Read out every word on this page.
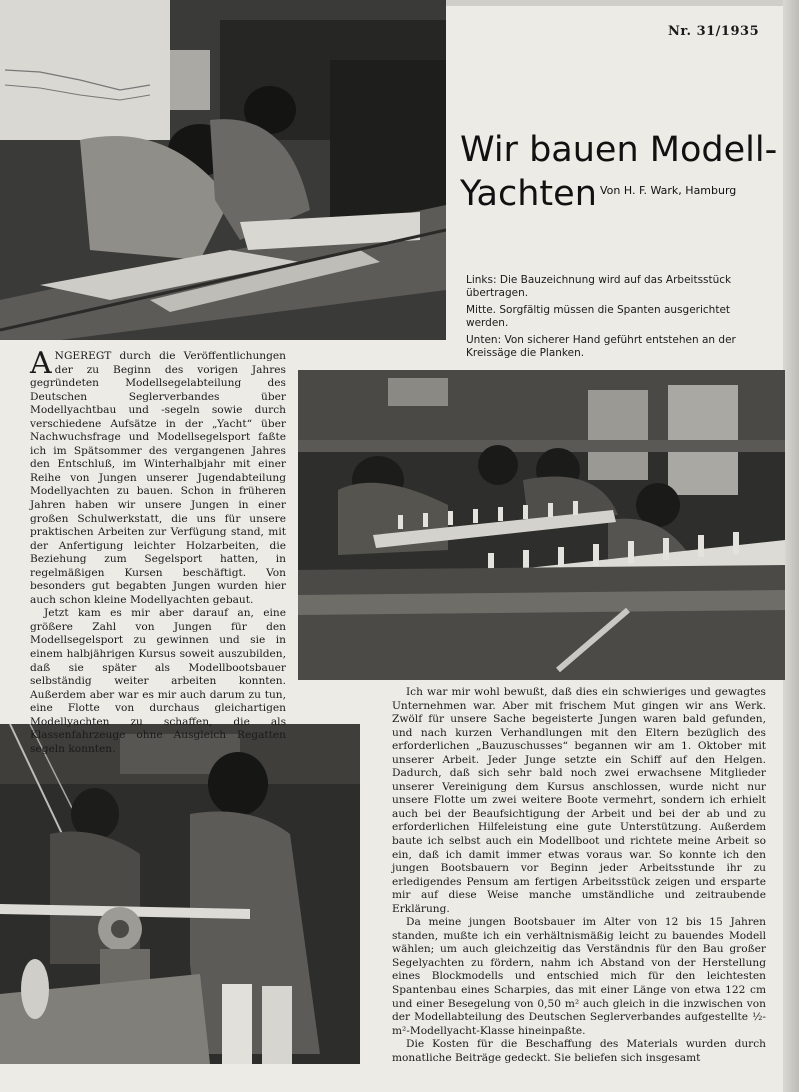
Nr. 31/1935
Wir bauen Modell-
Yachten Von H. F. Wark, Hamburg
Links: Die Bauzeichnung wird auf das Arbeitsstück übertragen.
Mitte. Sorgfältig müssen die Spanten ausgerichtet werden.
Unten: Von sicherer Hand geführt entstehen an der Kreissäge die Planken.

ANGEREGT durch die Veröffentlichungen der zu Beginn des vorigen Jahres gegründeten Modellsegelabteilung des Deutschen Seglerverbandes über Modellyachtbau und -segeln sowie durch verschiedene Aufsätze in der „Yacht“ über Nachwuchsfrage und Modellsegelsport faßte ich im Spätsommer des vergangenen Jahres den Entschluß, im Winterhalbjahr mit einer Reihe von Jungen unserer Jugendabteilung Modellyachten zu bauen. Schon in früheren Jahren haben wir unsere Jungen in einer großen Schulwerkstatt, die uns für unsere praktischen Arbeiten zur Verfügung stand, mit der Anfertigung leichter Holzarbeiten, die Beziehung zum Segelsport hatten, in regelmäßigen Kursen beschäftigt. Von besonders gut begabten Jungen wurden hier auch schon kleine Modellyachten gebaut.

Jetzt kam es mir aber darauf an, eine größere Zahl von Jungen für den Modellsegelsport zu gewinnen und sie in einem halbjährigen Kursus soweit auszubilden, daß sie später als Modellbootsbauer selbständig weiter arbeiten konnten. Außerdem aber war es mir auch darum zu tun, eine Flotte von durchaus gleichartigen Modellyachten zu schaffen, die als Klassenfahrzeuge ohne Ausgleich Regatten segeln konnten.

Ich war mir wohl bewußt, daß dies ein schwieriges und gewagtes Unternehmen war. Aber mit frischem Mut gingen wir ans Werk. Zwölf für unsere Sache begeisterte Jungen waren bald gefunden, und nach kurzen Verhandlungen mit den Eltern bezüglich des erforderlichen „Bauzuschusses“ begannen wir am 1. Oktober mit unserer Arbeit. Jeder Junge setzte ein Schiff auf den Helgen. Dadurch, daß sich sehr bald noch zwei erwachsene Mitglieder unserer Vereinigung dem Kursus anschlossen, wurde nicht nur unsere Flotte um zwei weitere Boote vermehrt, sondern ich erhielt auch bei der Beaufsichtigung der Arbeit und bei der ab und zu erforderlichen Hilfeleistung eine gute Unterstützung. Außerdem baute ich selbst auch ein Modellboot und richtete meine Arbeit so ein, daß ich damit immer etwas voraus war. So konnte ich den jungen Bootsbauern vor Beginn jeder Arbeitsstunde ihr zu erledigendes Pensum am fertigen Arbeitsstück zeigen und ersparte mir auf diese Weise manche umständliche und zeitraubende Erklärung.

Da meine jungen Bootsbauer im Alter von 12 bis 15 Jahren standen, mußte ich ein verhältnismäßig leicht zu bauendes Modell wählen; um auch gleichzeitig das Verständnis für den Bau großer Segelyachten zu fördern, nahm ich Abstand von der Herstellung eines Blockmodells und entschied mich für den leichtesten Spantenbau eines Scharpies, das mit einer Länge von etwa 122 cm und einer Besegelung von 0,50 m² auch gleich in die inzwischen von der Modellabteilung des Deutschen Seglerverbandes aufgestellte ½-m²-Modellyacht-Klasse hineinpaßte.

Die Kosten für die Beschaffung des Materials wurden durch monatliche Beiträge gedeckt. Sie beliefen sich insgesamt
